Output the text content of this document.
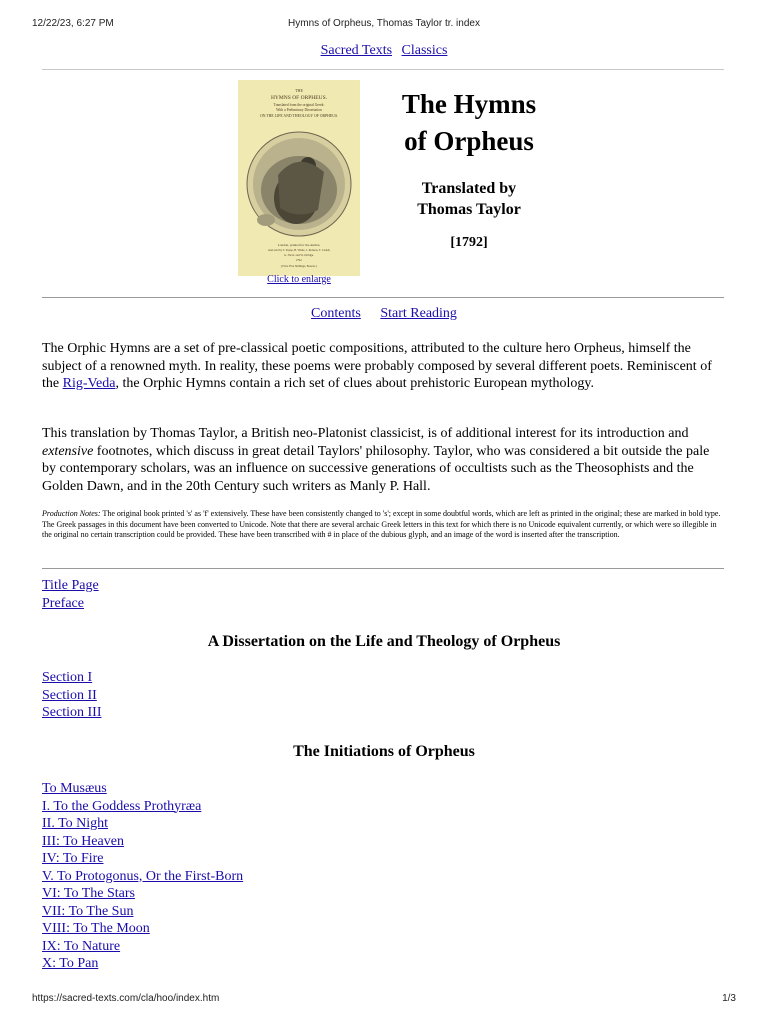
12/22/23, 6:27 PM	Hymns of Orpheus, Thomas Taylor tr. index
Sacred Texts Classics
THE
HYMNS OF ORPHEUS.
Translated from the original Greek:
With a Preliminary Dissertation
ON THE LIFE AND THEOLOGY OF ORPHEUS.
London, printed for the Author,
And sold by T. Payne, B. White, J. Robson, T. Cadell,
G. Nicol, and W. Otridge.
1792.
[ Price Five Shillings, Boards. ]
Click to enlarge
The Hymns
of Orpheus
Translated by
Thomas Taylor
[1792]
Contents Start Reading

The Orphic Hymns are a set of pre-classical poetic compositions, attributed to the culture hero Orpheus, himself the subject of a renowned myth. In reality, these poems were probably composed by several different poets. Reminiscent of the Rig-Veda, the Orphic Hymns contain a rich set of clues about prehistoric European mythology.

This translation by Thomas Taylor, a British neo-Platonist classicist, is of additional interest for its introduction and extensive footnotes, which discuss in great detail Taylors' philosophy. Taylor, who was considered a bit outside the pale by contemporary scholars, was an influence on successive generations of occultists such as the Theosophists and the Golden Dawn, and in the 20th Century such writers as Manly P. Hall.

Production Notes: The original book printed 's' as 'f' extensively. These have been consistently changed to 's'; except in some doubtful words, which are left as printed in the original; these are marked in bold type. The Greek passages in this document have been converted to Unicode. Note that there are several archaic Greek letters in this text for which there is no Unicode equivalent currently, or which were so illegible in the original no certain transcription could be provided. These have been transcribed with # in place of the dubious glyph, and an image of the word is inserted after the transcription.

Title Page
Preface
A Dissertation on the Life and Theology of Orpheus
Section I
Section II
Section III
The Initiations of Orpheus
To Musæus
I. To the Goddess Prothyræa
II. To Night
III: To Heaven
IV: To Fire
V. To Protogonus, Or the First-Born
VI: To The Stars
VII: To The Sun
VIII: To The Moon
IX: To Nature
X: To Pan
https://sacred-texts.com/cla/hoo/index.htm	1/3
